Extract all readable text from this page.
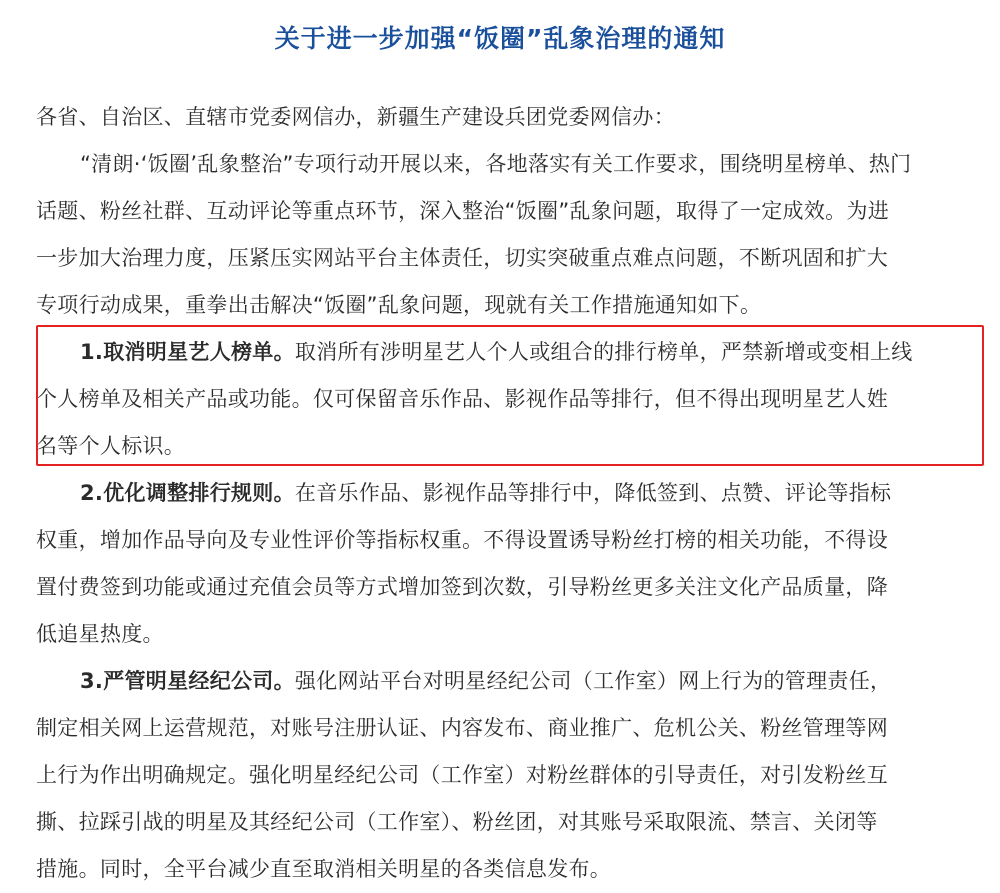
关于进一步加强“饭圈”乱象治理的通知
各省、自治区、直辖市党委网信办，新疆生产建设兵团党委网信办：
“清朗·‘饭圈’乱象整治”专项行动开展以来，各地落实有关工作要求，围绕明星榜单、热门
话题、粉丝社群、互动评论等重点环节，深入整治“饭圈”乱象问题，取得了一定成效。为进
一步加大治理力度，压紧压实网站平台主体责任，切实突破重点难点问题，不断巩固和扩大
专项行动成果，重拳出击解决“饭圈”乱象问题，现就有关工作措施通知如下。
1.取消明星艺人榜单。取消所有涉明星艺人个人或组合的排行榜单，严禁新增或变相上线
个人榜单及相关产品或功能。仅可保留音乐作品、影视作品等排行，但不得出现明星艺人姓
名等个人标识。
2.优化调整排行规则。在音乐作品、影视作品等排行中，降低签到、点赞、评论等指标
权重，增加作品导向及专业性评价等指标权重。不得设置诱导粉丝打榜的相关功能，不得设
置付费签到功能或通过充值会员等方式增加签到次数，引导粉丝更多关注文化产品质量，降
低追星热度。
3.严管明星经纪公司。强化网站平台对明星经纪公司（工作室）网上行为的管理责任，
制定相关网上运营规范，对账号注册认证、内容发布、商业推广、危机公关、粉丝管理等网
上行为作出明确规定。强化明星经纪公司（工作室）对粉丝群体的引导责任，对引发粉丝互
撕、拉踩引战的明星及其经纪公司（工作室）、粉丝团，对其账号采取限流、禁言、关闭等
措施。同时，全平台减少直至取消相关明星的各类信息发布。
